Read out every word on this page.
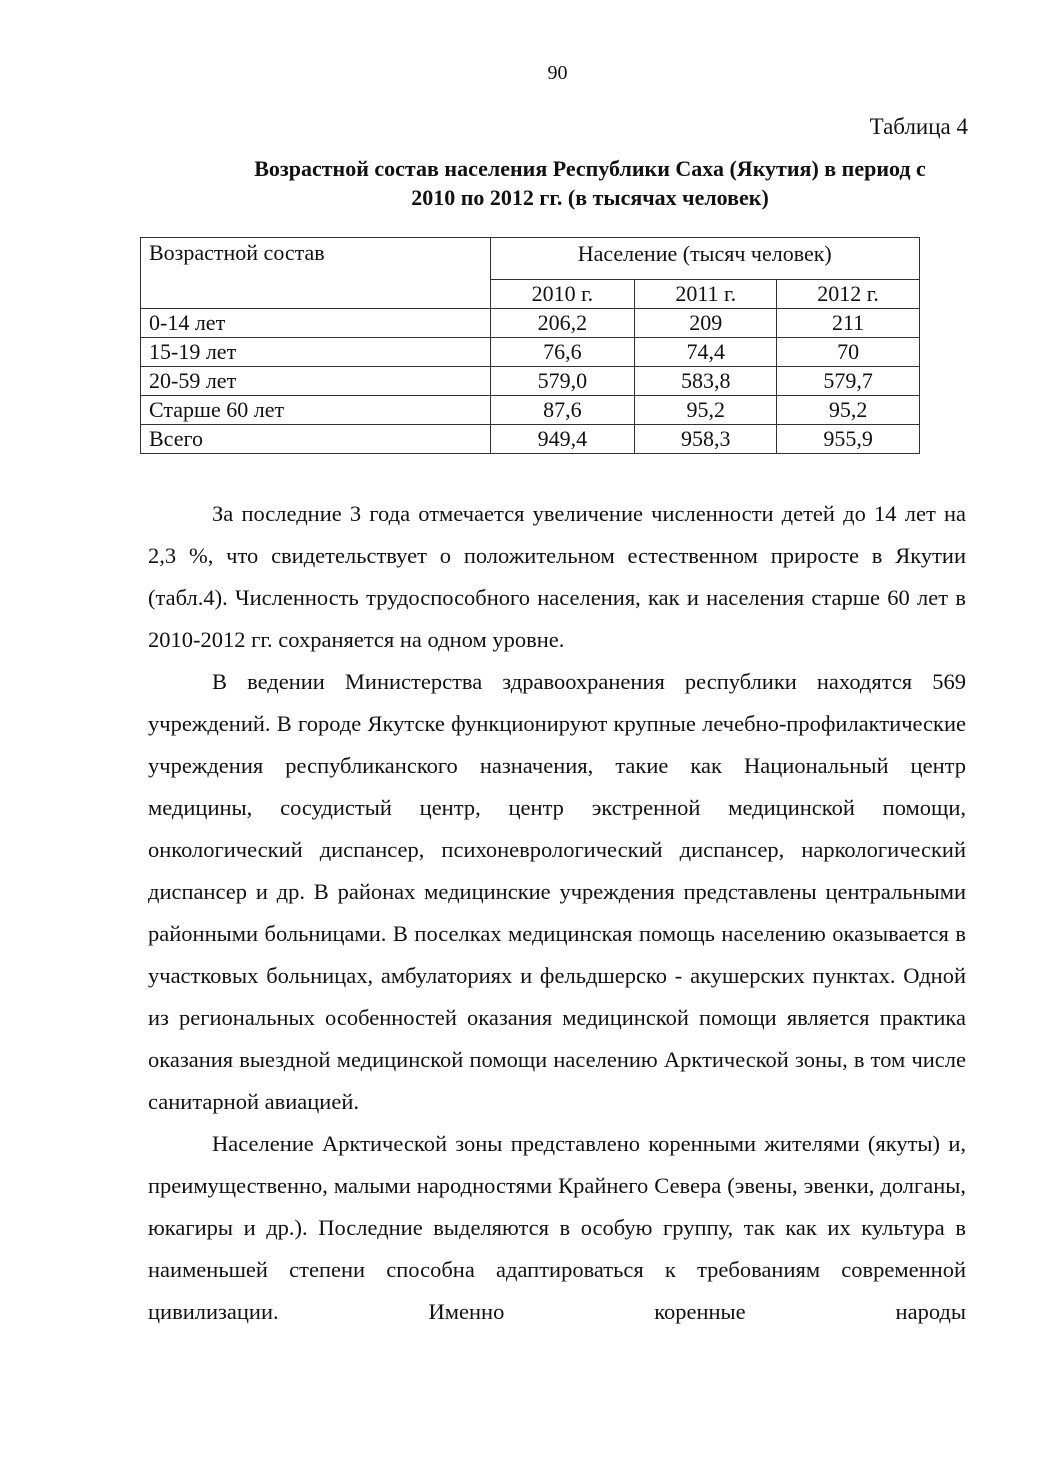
90
Таблица 4
Возрастной состав населения Республики Саха (Якутия) в период с
2010 по 2012 гг. (в тысячах человек)
Возрастной состав	Население (тысяч человек)		
	2010 г.	2011 г.	2012 г.
0-14 лет	206,2	209	211
15-19 лет	76,6	74,4	70
20-59 лет	579,0	583,8	579,7
Старше 60 лет	87,6	95,2	95,2
Всего	949,4	958,3	955,9

За последние 3 года отмечается увеличение численности детей до 14 лет на 2,3 %, что свидетельствует о положительном естественном приросте в Якутии (табл.4). Численность трудоспособного населения, как и населения старше 60 лет в 2010-2012 гг. сохраняется на одном уровне.

В ведении Министерства здравоохранения республики находятся 569 учреждений. В городе Якутске функционируют крупные лечебно-профилактические учреждения республиканского назначения, такие как Национальный центр медицины, сосудистый центр, центр экстренной медицинской помощи, онкологический диспансер, психоневрологический диспансер, наркологический диспансер и др. В районах медицинские учреждения представлены центральными районными больницами. В поселках медицинская помощь населению оказывается в участковых больницах, амбулаториях и фельдшерско - акушерских пунктах. Одной из региональных особенностей оказания медицинской помощи является практика оказания выездной медицинской помощи населению Арктической зоны, в том числе санитарной авиацией.

Население Арктической зоны представлено коренными жителями (якуты) и, преимущественно, малыми народностями Крайнего Севера (эвены, эвенки, долганы, юкагиры и др.). Последние выделяются в особую группу, так как их культура в наименьшей степени способна адаптироваться к требованиям современной цивилизации. Именно коренные народы
